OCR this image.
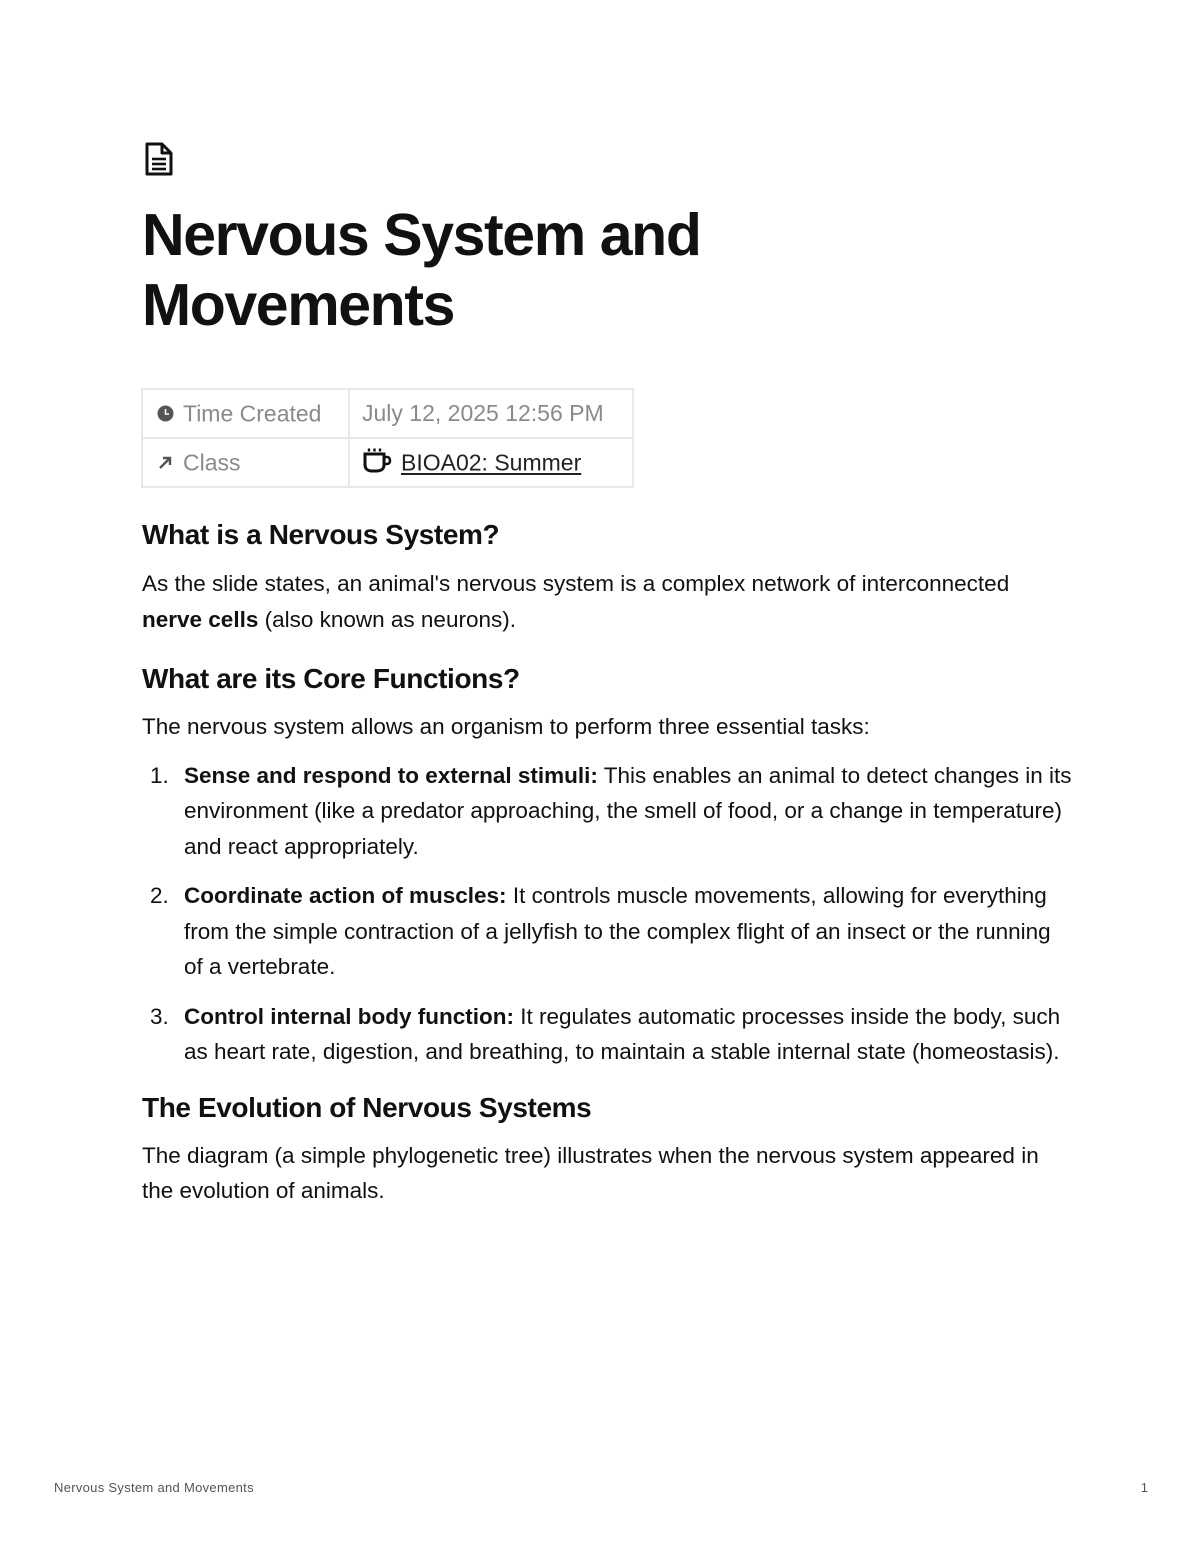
Nervous System and Movements
Time Created	July 12, 2025 12:56 PM
Class	BIOA02: Summer
What is a Nervous System?

As the slide states, an animal's nervous system is a complex network of interconnected nerve cells (also known as neurons).

What are its Core Functions?

The nervous system allows an organism to perform three essential tasks:

1. Sense and respond to external stimuli: This enables an animal to detect changes in its environment (like a predator approaching, the smell of food, or a change in temperature) and react appropriately.
2. Coordinate action of muscles: It controls muscle movements, allowing for everything from the simple contraction of a jellyfish to the complex flight of an insect or the running of a vertebrate.
3. Control internal body function: It regulates automatic processes inside the body, such as heart rate, digestion, and breathing, to maintain a stable internal state (homeostasis).
The Evolution of Nervous Systems

The diagram (a simple phylogenetic tree) illustrates when the nervous system appeared in the evolution of animals.

Nervous System and Movements	1
